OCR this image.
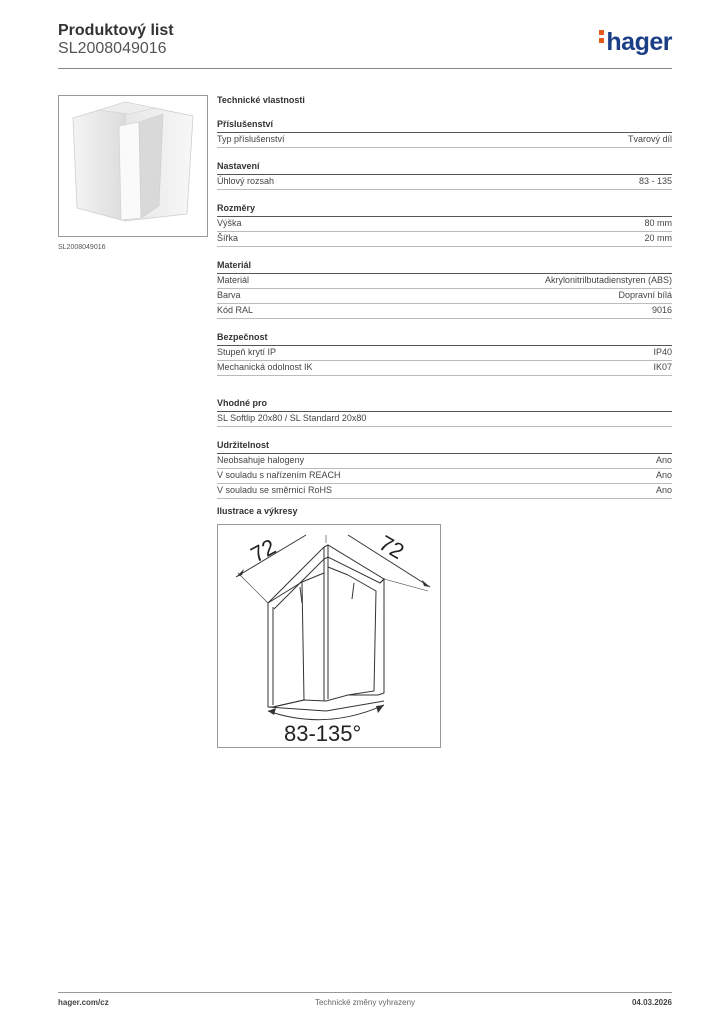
Produktový list

SL2008049016	hager
SL2008049016
Technické vlastnosti
Příslušenství
Typ příslušenství	Tvarový díl
Nastavení
Úhlový rozsah	83 - 135
Rozměry
Výška	80 mm
Šířka	20 mm
Materiál
Materiál	Akrylonitrilbutadienstyren (ABS)
Barva	Dopravní bílá
Kód RAL	9016
Bezpečnost
Stupeň krytí IP	IP40
Mechanická odolnost IK	IK07
Vhodné pro
SL Softlip 20x80 / SL Standard 20x80
Udržitelnost
Neobsahuje halogeny	Ano
V souladu s nařízením REACH	Ano
V souladu se směrnicí RoHS	Ano
Ilustrace a výkresy
72	72
83-135°
hager.com/cz	Technické změny vyhrazeny	04.03.2026
